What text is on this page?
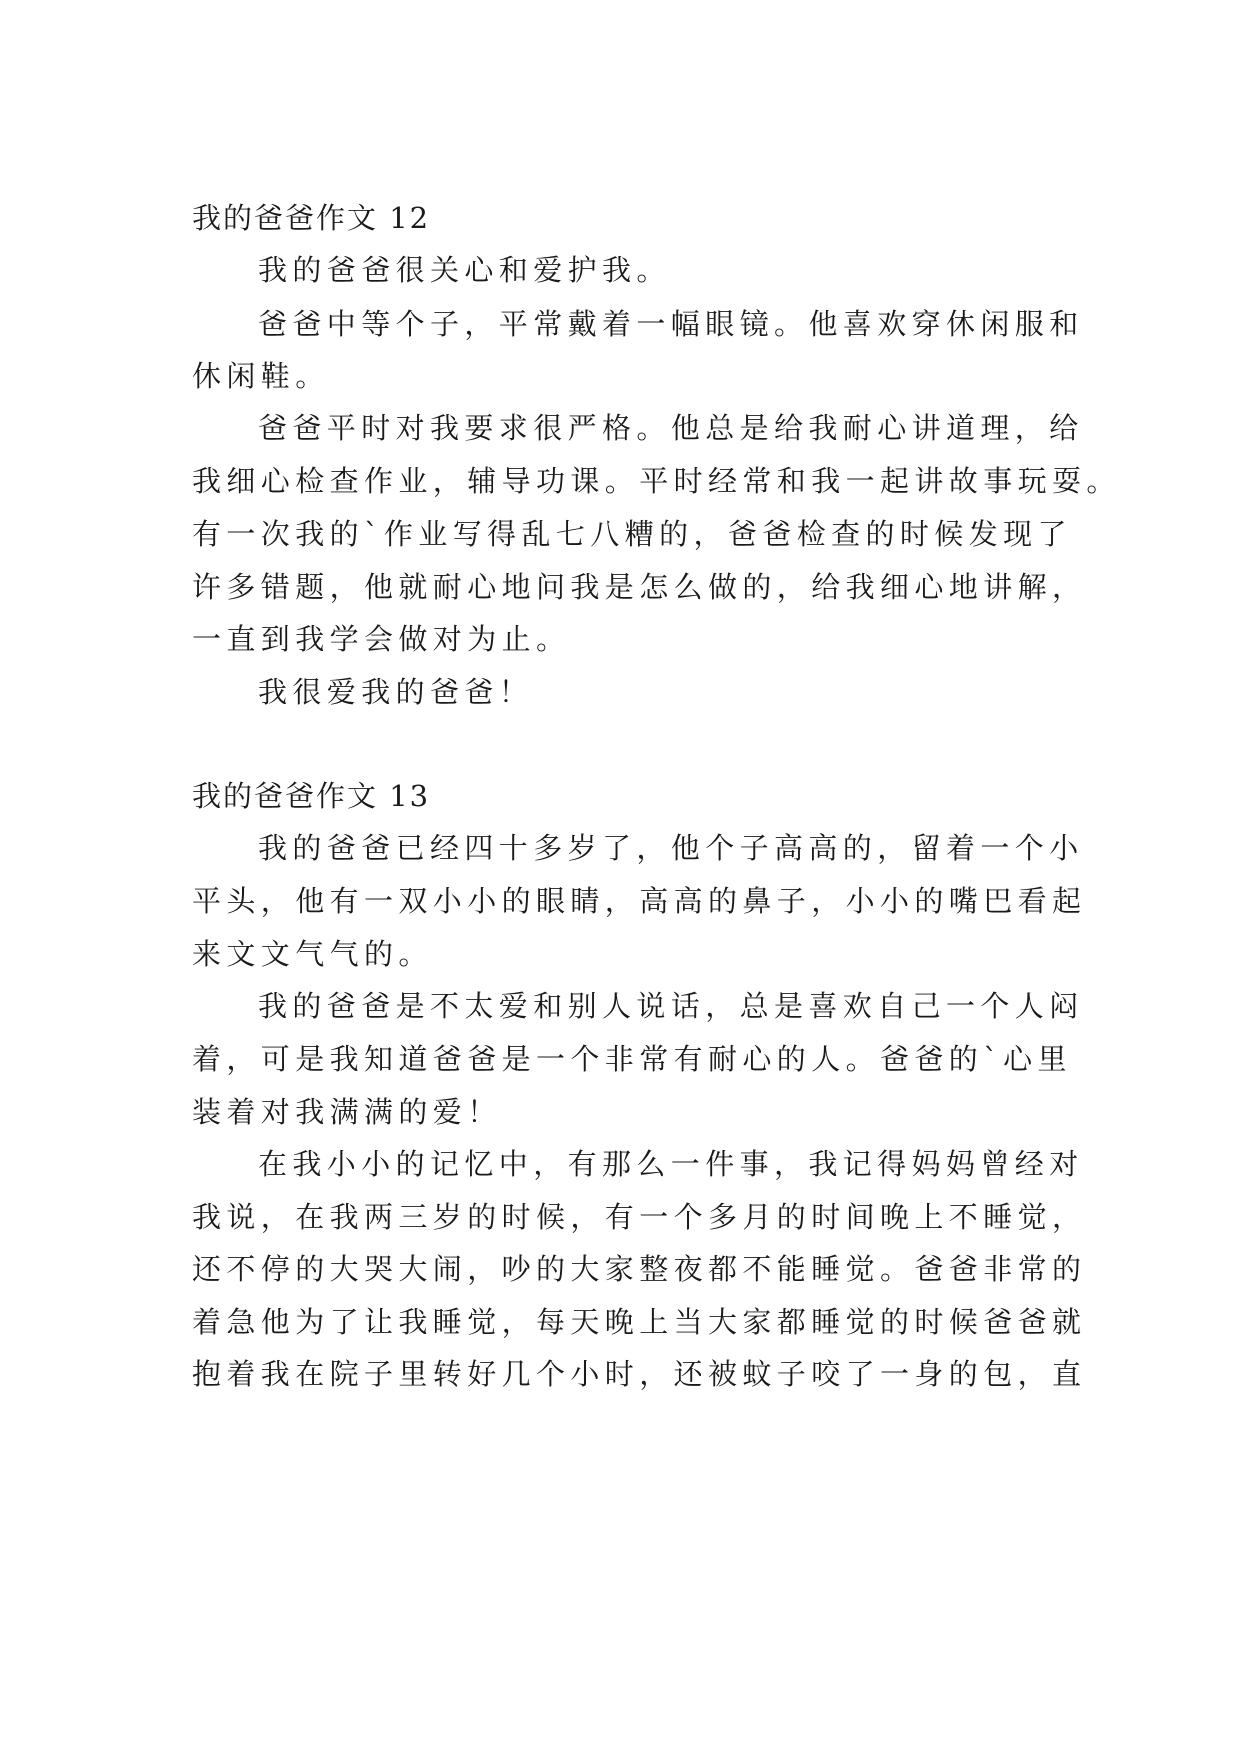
我的爸爸作文 12
我的爸爸很关心和爱护我。
爸爸中等个子，平常戴着一幅眼镜。他喜欢穿休闲服和
休闲鞋。
爸爸平时对我要求很严格。他总是给我耐心讲道理，给
我细心检查作业，辅导功课。平时经常和我一起讲故事玩耍。
有一次我的`作业写得乱七八糟的，爸爸检查的时候发现了
许多错题，他就耐心地问我是怎么做的，给我细心地讲解，
一直到我学会做对为止。
我很爱我的爸爸！
我的爸爸作文 13
我的爸爸已经四十多岁了，他个子高高的，留着一个小
平头，他有一双小小的眼睛，高高的鼻子，小小的嘴巴看起
来文文气气的。
我的爸爸是不太爱和别人说话，总是喜欢自己一个人闷
着，可是我知道爸爸是一个非常有耐心的人。爸爸的`心里
装着对我满满的爱！
在我小小的记忆中，有那么一件事，我记得妈妈曾经对
我说，在我两三岁的时候，有一个多月的时间晚上不睡觉，
还不停的大哭大闹，吵的大家整夜都不能睡觉。爸爸非常的
着急他为了让我睡觉，每天晚上当大家都睡觉的时候爸爸就
抱着我在院子里转好几个小时，还被蚊子咬了一身的包，直
